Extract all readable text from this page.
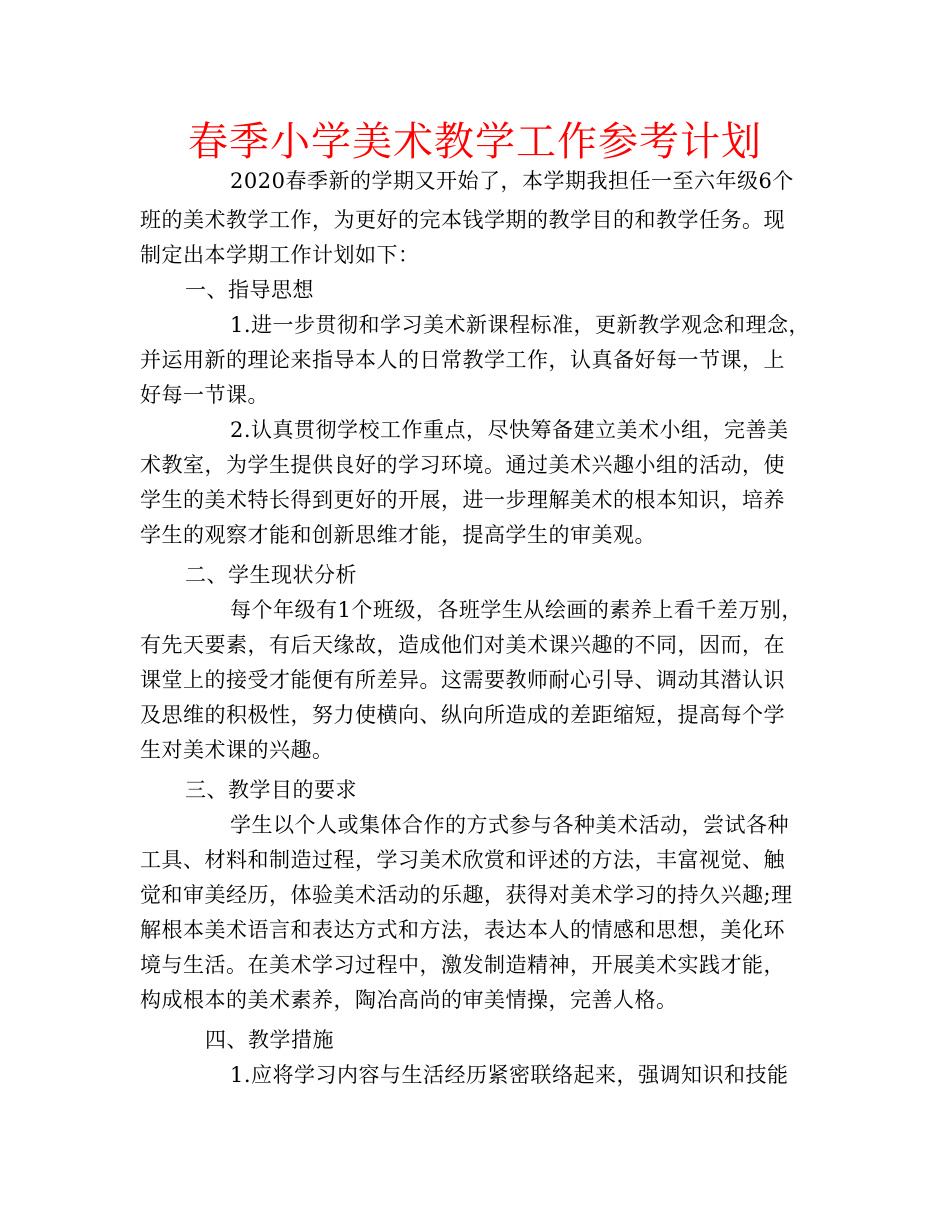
春季小学美术教学工作参考计划
2020春季新的学期又开始了，本学期我担任一至六年级6个
班的美术教学工作，为更好的完本钱学期的教学目的和教学任务。现
制定出本学期工作计划如下：
一、指导思想
1.进一步贯彻和学习美术新课程标准，更新教学观念和理念，
并运用新的理论来指导本人的日常教学工作，认真备好每一节课，上
好每一节课。
2.认真贯彻学校工作重点，尽快筹备建立美术小组，完善美
术教室，为学生提供良好的学习环境。通过美术兴趣小组的活动，使
学生的美术特长得到更好的开展，进一步理解美术的根本知识，培养
学生的观察才能和创新思维才能，提高学生的审美观。
二、学生现状分析
每个年级有1个班级，各班学生从绘画的素养上看千差万别，
有先天要素，有后天缘故，造成他们对美术课兴趣的不同，因而，在
课堂上的接受才能便有所差异。这需要教师耐心引导、调动其潜认识
及思维的积极性，努力使横向、纵向所造成的差距缩短，提高每个学
生对美术课的兴趣。
三、教学目的要求
学生以个人或集体合作的方式参与各种美术活动，尝试各种
工具、材料和制造过程，学习美术欣赏和评述的方法，丰富视觉、触
觉和审美经历，体验美术活动的乐趣，获得对美术学习的持久兴趣;理
解根本美术语言和表达方式和方法，表达本人的情感和思想，美化环
境与生活。在美术学习过程中，激发制造精神，开展美术实践才能，
构成根本的美术素养，陶冶高尚的审美情操，完善人格。
四、教学措施
1.应将学习内容与生活经历紧密联络起来，强调知识和技能
